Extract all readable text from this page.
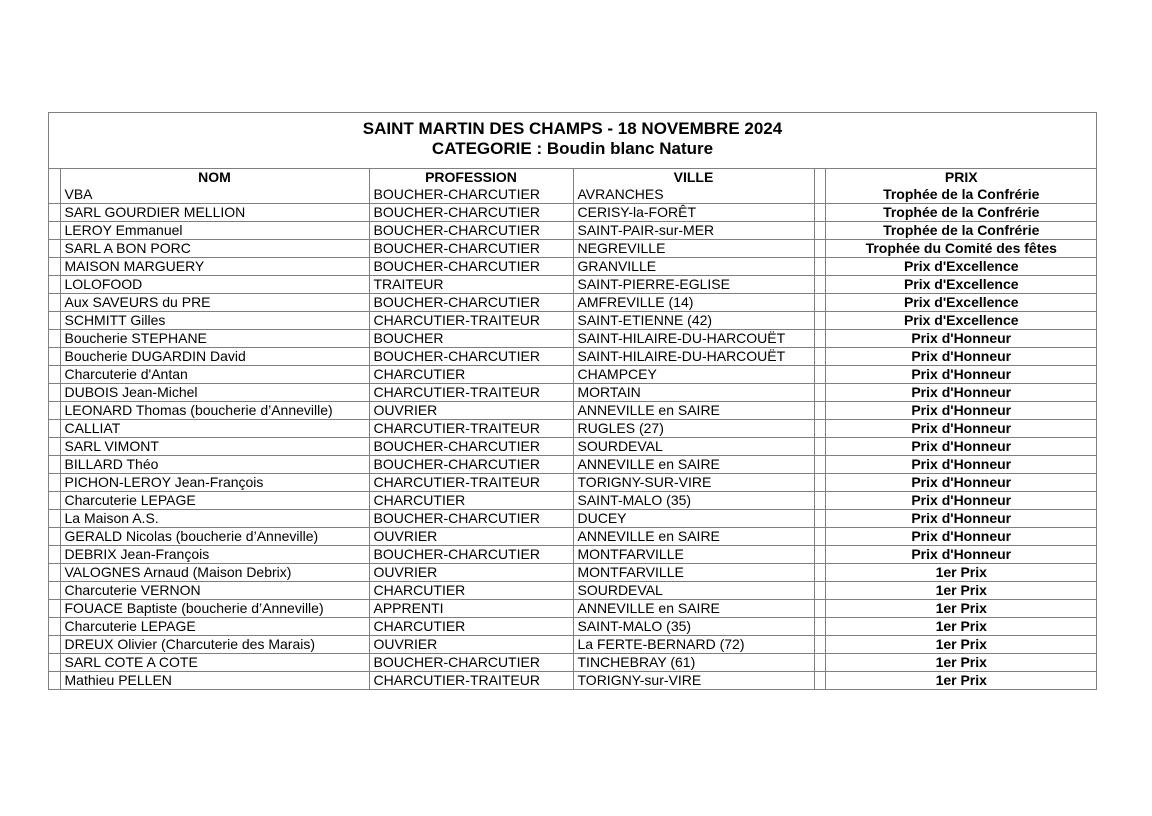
SAINT MARTIN DES CHAMPS - 18 NOVEMBRE 2024
CATEGORIE : Boudin blanc Nature
	NOM	PROFESSION	VILLE		PRIX
	VBA	BOUCHER-CHARCUTIER	AVRANCHES		Trophée de la Confrérie
	SARL GOURDIER MELLION	BOUCHER-CHARCUTIER	CERISY-la-FORÊT		Trophée de la Confrérie
	LEROY Emmanuel	BOUCHER-CHARCUTIER	SAINT-PAIR-sur-MER		Trophée de la Confrérie
	SARL A BON PORC	BOUCHER-CHARCUTIER	NEGREVILLE		Trophée du Comité des fêtes
	MAISON MARGUERY	BOUCHER-CHARCUTIER	GRANVILLE		Prix d'Excellence
	LOLOFOOD	TRAITEUR	SAINT-PIERRE-EGLISE		Prix d'Excellence
	Aux SAVEURS du PRE	BOUCHER-CHARCUTIER	AMFREVILLE (14)		Prix d'Excellence
	SCHMITT Gilles	CHARCUTIER-TRAITEUR	SAINT-ETIENNE (42)		Prix d'Excellence
	Boucherie STEPHANE	BOUCHER	SAINT-HILAIRE-DU-HARCOUËT		Prix d'Honneur
	Boucherie DUGARDIN David	BOUCHER-CHARCUTIER	SAINT-HILAIRE-DU-HARCOUËT		Prix d'Honneur
	Charcuterie d'Antan	CHARCUTIER	CHAMPCEY		Prix d'Honneur
	DUBOIS Jean-Michel	CHARCUTIER-TRAITEUR	MORTAIN		Prix d'Honneur
	LEONARD Thomas (boucherie d’Anneville)	OUVRIER	ANNEVILLE en SAIRE		Prix d'Honneur
	CALLIAT	CHARCUTIER-TRAITEUR	RUGLES (27)		Prix d'Honneur
	SARL VIMONT	BOUCHER-CHARCUTIER	SOURDEVAL		Prix d'Honneur
	BILLARD Théo	BOUCHER-CHARCUTIER	ANNEVILLE en SAIRE		Prix d'Honneur
	PICHON-LEROY Jean-François	CHARCUTIER-TRAITEUR	TORIGNY-SUR-VIRE		Prix d'Honneur
	Charcuterie LEPAGE	CHARCUTIER	SAINT-MALO (35)		Prix d'Honneur
	La Maison A.S.	BOUCHER-CHARCUTIER	DUCEY		Prix d'Honneur
	GERALD Nicolas (boucherie d’Anneville)	OUVRIER	ANNEVILLE en SAIRE		Prix d'Honneur
	DEBRIX Jean-François	BOUCHER-CHARCUTIER	MONTFARVILLE		Prix d'Honneur
	VALOGNES Arnaud (Maison Debrix)	OUVRIER	MONTFARVILLE		1er Prix
	Charcuterie VERNON	CHARCUTIER	SOURDEVAL		1er Prix
	FOUACE Baptiste (boucherie d’Anneville)	APPRENTI	ANNEVILLE en SAIRE		1er Prix
	Charcuterie LEPAGE	CHARCUTIER	SAINT-MALO (35)		1er Prix
	DREUX Olivier (Charcuterie des Marais)	OUVRIER	La FERTE-BERNARD (72)		1er Prix
	SARL COTE A COTE	BOUCHER-CHARCUTIER	TINCHEBRAY (61)		1er Prix
	Mathieu PELLEN	CHARCUTIER-TRAITEUR	TORIGNY-sur-VIRE		1er Prix
